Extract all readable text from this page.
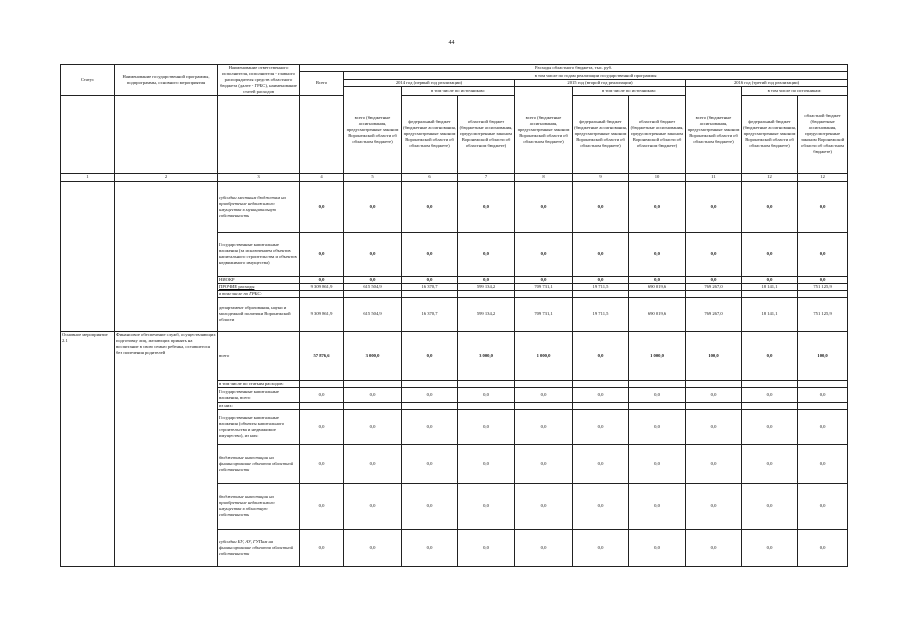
44
Статус	Наименование государственной программы, подпрограммы, основного мероприятия	Наименование ответственного исполнителя, исполнителя - главного распорядителя средств областного бюджета (далее - ГРБС), наименование статей расходов	Расходы областного бюджета, тыс. руб.									
			Всего	в том числе по годам реализации государственной программы								
				2014 год (первый год реализации)			2015 год (второй год реализации)			2016 год (третий год реализации)		
				всего (бюджетные ассигнования, предусмотренные законом Воронежской области об областном бюджете)	в том числе по источникам:		всего (бюджетные ассигнования, предусмотренные законом Воронежской области об областном бюджете)	в том числе по источникам:		всего (бюджетные ассигнования, предусмотренные законом Воронежской области об областном бюджете)	в том числе по источникам:	
					федеральный бюджет (бюджетные ассигнования, предусмотренные законом Воронежской области об областном бюджете)	областной бюджет (бюджетные ассигнования, предусмотренные законом Воронежской области об областном бюджете)		федеральный бюджет (бюджетные ассигнования, предусмотренные законом Воронежской области об областном бюджете)	областной бюджет (бюджетные ассигнования, предусмотренные законом Воронежской области об областном бюджете)		федеральный бюджет (бюджетные ассигнования, предусмотренные законом Воронежской области об областном бюджете)	областной бюджет (бюджетные ассигнования, предусмотренные законом Воронежской области об областном бюджете)
1	2	3	4	5	6	7	8	9	10	11	12	12
		субсидии местным бюджетам на приобретение недвижимого имущества в муниципальную собственность	0,0	0,0	0,0	0,0	0,0	0,0	0,0	0,0	0,0	0,0
		Государственные капитальные вложения (за исключением объектов капитального строительства и объектов недвижимого имущества)	0,0	0,0	0,0	0,0	0,0	0,0	0,0	0,0	0,0	0,0
		НИОКР	0,0	0,0	0,0	0,0	0,0	0,0	0,0	0,0	0,0	0,0
		ПРОЧИЕ расходы	9 309 861,9	615 504,9	16 370,7	599 134,2	709 731,1	19 711,5	690 019,6	769 267,0	18 141,1	751 125,9
		в том числе по ГРБС:										
		департамент образования, науки и молодежной политики Воронежской области	9 309 861,9	615 504,9	16 370,7	599 134,2	709 731,1	19 711,5	690 019,6	769 267,0	18 141,1	751 125,9
Основное мероприятие 2.1	Финансовое обеспечение служб, осуществляющих подготовку лиц, желающих принять на воспитание в свою семью ребенка, оставшегося без попечения родителей	всего	57 876,6	3 000,0	0,0	3 000,0	1 000,0	0,0	1 000,0	100,0	0,0	100,0
		в том числе по статьям расходов:										
		Государственные капитальные вложения, всего	0,0	0,0	0,0	0,0	0,0	0,0	0,0	0,0	0,0	0,0
		из них:										
		Государственные капитальные вложения (объекты капитального строительства и недвижимое имущество), из них:	0,0	0,0	0,0	0,0	0,0	0,0	0,0	0,0	0,0	0,0
		бюджетные инвестиции на финансирование объектов областной собственности	0,0	0,0	0,0	0,0	0,0	0,0	0,0	0,0	0,0	0,0
		бюджетные инвестиции на приобретение недвижимого имущества в областную собственность	0,0	0,0	0,0	0,0	0,0	0,0	0,0	0,0	0,0	0,0
		субсидии БУ, АУ, ГУПам на финансирование объектов областной собственности	0,0	0,0	0,0	0,0	0,0	0,0	0,0	0,0	0,0	0,0
